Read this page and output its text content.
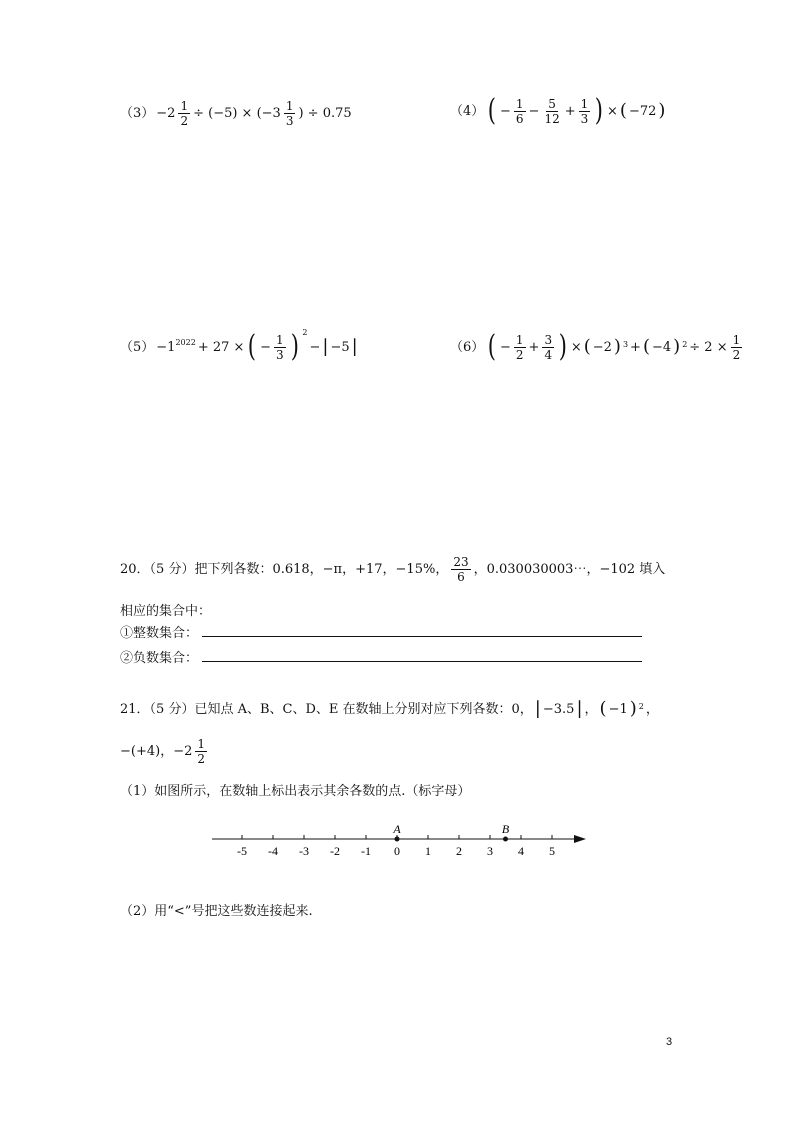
$(3) -2 \frac{1}{2} \div (-5) \times (-3 \frac{1}{3}$ ) ÷ 0.75	（4） ( − $\frac{1}{6} - \frac{5}{12} + \frac{1}{3}$ ) × ( −72 )
$(5) -1^{2022} + 27$ × ( − $\frac{1}{3}$ ) $^2$
− | −5 |	（6） ( − $\frac{1}{2} + \frac{3}{4}$ ) × ( −2 ) $^3$ + ( −4 ) $^2 \div 2 \times \frac{1}{2}$
20．（5 分）把下列各数：0.618，−π，+17，−15%， $\frac{23}{6}$ ，0.030030003⋯，−102 填入
相应的集合中：
①整数集合：
②负数集合：
21．（5 分）已知点 A、B、C、D、E 在数轴上分别对应下列各数：0， | −3.5 | ， ( −1 ) $^2$ ，
−(+4)，$-2 \frac{1}{2}$
（1）如图所示，在数轴上标出表示其余各数的点.（标字母）
-5 -4 -3 -2 -1 0 1 2 3 4 5
A	B
（2）用“<”号把这些数连接起来.
3
